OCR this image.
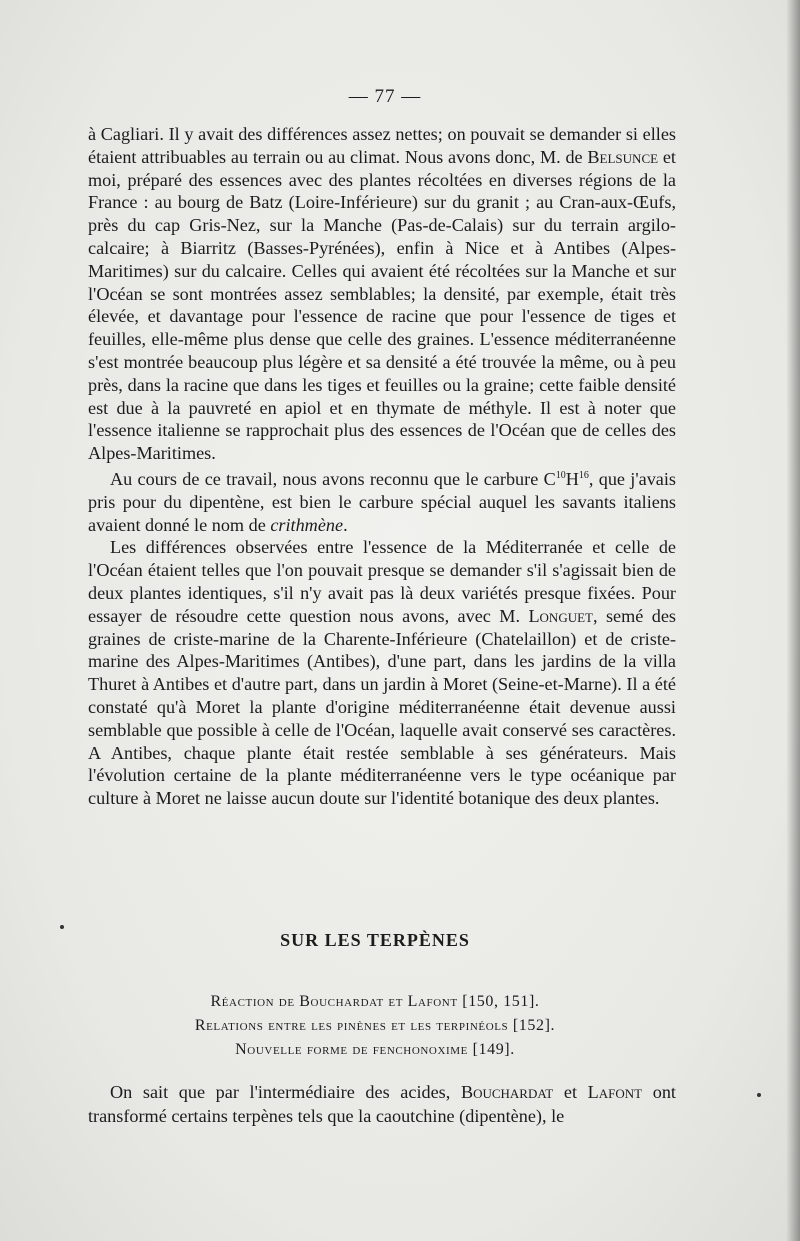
— 77 —

à Cagliari. Il y avait des différences assez nettes; on pouvait se demander si elles étaient attribuables au terrain ou au climat. Nous avons donc, M. de Belsunce et moi, préparé des essences avec des plantes récoltées en diverses régions de la France : au bourg de Batz (Loire-Inférieure) sur du granit ; au Cran-aux-Œufs, près du cap Gris-Nez, sur la Manche (Pas-de-Calais) sur du terrain argilo-calcaire; à Biarritz (Basses-Pyrénées), enfin à Nice et à Antibes (Alpes-Maritimes) sur du calcaire. Celles qui avaient été récoltées sur la Manche et sur l'Océan se sont montrées assez semblables; la densité, par exemple, était très élevée, et davantage pour l'essence de racine que pour l'essence de tiges et feuilles, elle-même plus dense que celle des graines. L'essence méditerranéenne s'est montrée beaucoup plus légère et sa densité a été trouvée la même, ou à peu près, dans la racine que dans les tiges et feuilles ou la graine; cette faible densité est due à la pauvreté en apiol et en thymate de méthyle. Il est à noter que l'essence italienne se rapprochait plus des essences de l'Océan que de celles des Alpes-Maritimes.

Au cours de ce travail, nous avons reconnu que le carbure $C^{10}H^{16}$, que j'avais pris pour du dipentène, est bien le carbure spécial auquel les savants italiens avaient donné le nom de crithmène.

Les différences observées entre l'essence de la Méditerranée et celle de l'Océan étaient telles que l'on pouvait presque se demander s'il s'agissait bien de deux plantes identiques, s'il n'y avait pas là deux variétés presque fixées. Pour essayer de résoudre cette question nous avons, avec M. Longuet, semé des graines de criste-marine de la Charente-Inférieure (Chatelaillon) et de criste-marine des Alpes-Maritimes (Antibes), d'une part, dans les jardins de la villa Thuret à Antibes et d'autre part, dans un jardin à Moret (Seine-et-Marne). Il a été constaté qu'à Moret la plante d'origine méditerranéenne était devenue aussi semblable que possible à celle de l'Océan, laquelle avait conservé ses caractères. A Antibes, chaque plante était restée semblable à ses générateurs. Mais l'évolution certaine de la plante méditerranéenne vers le type océanique par culture à Moret ne laisse aucun doute sur l'identité botanique des deux plantes.

SUR LES TERPÈNES
Réaction de Bouchardat et Lafont [150, 151].
Relations entre les pinènes et les terpinéols [152].
Nouvelle forme de fenchonoxime [149].

On sait que par l'intermédiaire des acides, Bouchardat et Lafont ont transformé certains terpènes tels que la caoutchine (dipentène), le
